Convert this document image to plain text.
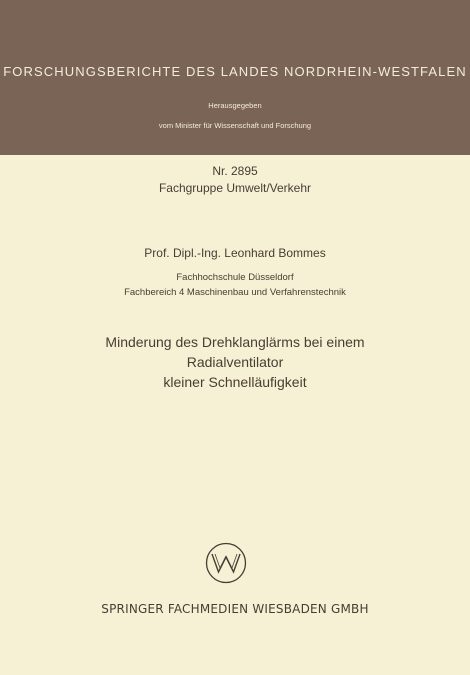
FORSCHUNGSBERICHTE DES LANDES NORDRHEIN-WESTFALEN
Herausgegeben
vom Minister für Wissenschaft und Forschung
Nr. 2895
Fachgruppe Umwelt/Verkehr
Prof. Dipl.-Ing. Leonhard Bommes
Fachhochschule Düsseldorf
Fachbereich 4 Maschinenbau und Verfahrenstechnik
Minderung des Drehklanglärms bei einem
Radialventilator
kleiner Schnelläufigkeit
SPRINGER FACHMEDIEN WIESBADEN GMBH
